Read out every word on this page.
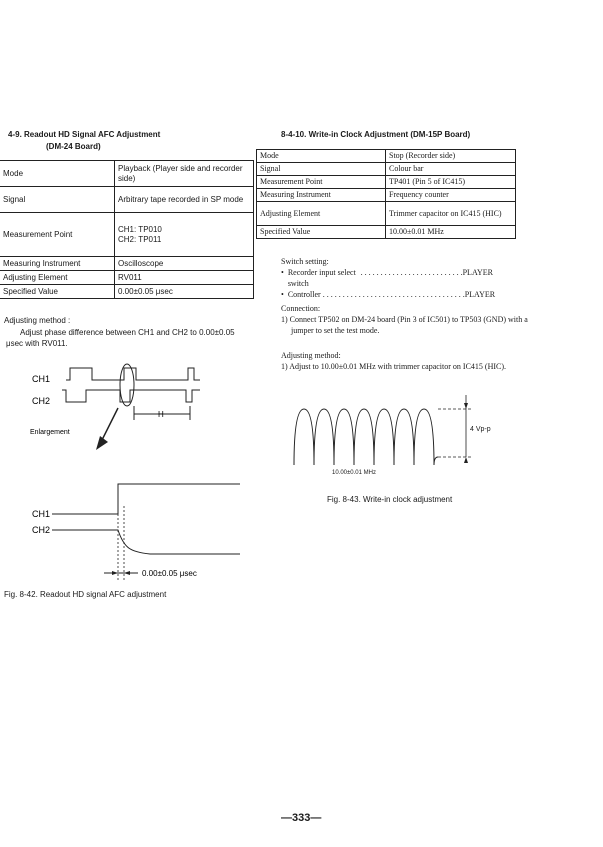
4-9. Readout HD Signal AFC Adjustment
(DM-24 Board)
Mode	Playback (Player side and recorder side)
Signal	Arbitrary tape recorded in SP mode
Measurement Point	CH1: TP010
CH2: TP011
Measuring Instrument	Oscilloscope
Adjusting Element	RV011
Specified Value	0.00±0.05 μsec
Adjusting method :
Adjust phase difference between CH1 and CH2 to 0.00±0.05 μsec with RV011.
CH1
CH2
H
Enlargement
CH1
CH2
0.00±0.05 μsec
Fig. 8-42. Readout HD signal AFC adjustment
8-4-10. Write-in Clock Adjustment (DM-15P Board)
Mode	Stop (Recorder side)
Signal	Colour bar
Measurement Point	TP401 (Pin 5 of IC415)
Measuring Instrument	Frequency counter
Adjusting Element	Trimmer capacitor on IC415 (HIC)
Specified Value	10.00±0.01 MHz
Switch setting:
• Recorder input select switch
. . . . . . . . . . . . . . . . . . . . . . . . . . PLAYER
• Controller . . . . . . . . . . . . . . . . . . . . . . . . . . . . . . . . . . . . PLAYER
Connection:
1) Connect TP502 on DM-24 board (Pin 3 of IC501) to TP503 (GND) with a jumper to set the test mode.
Adjusting method:
1) Adjust to 10.00±0.01 MHz with trimmer capacitor on IC415 (HIC).
4 Vp-p
10.00±0.01 MHz
Fig. 8-43. Write-in clock adjustment
—333—
